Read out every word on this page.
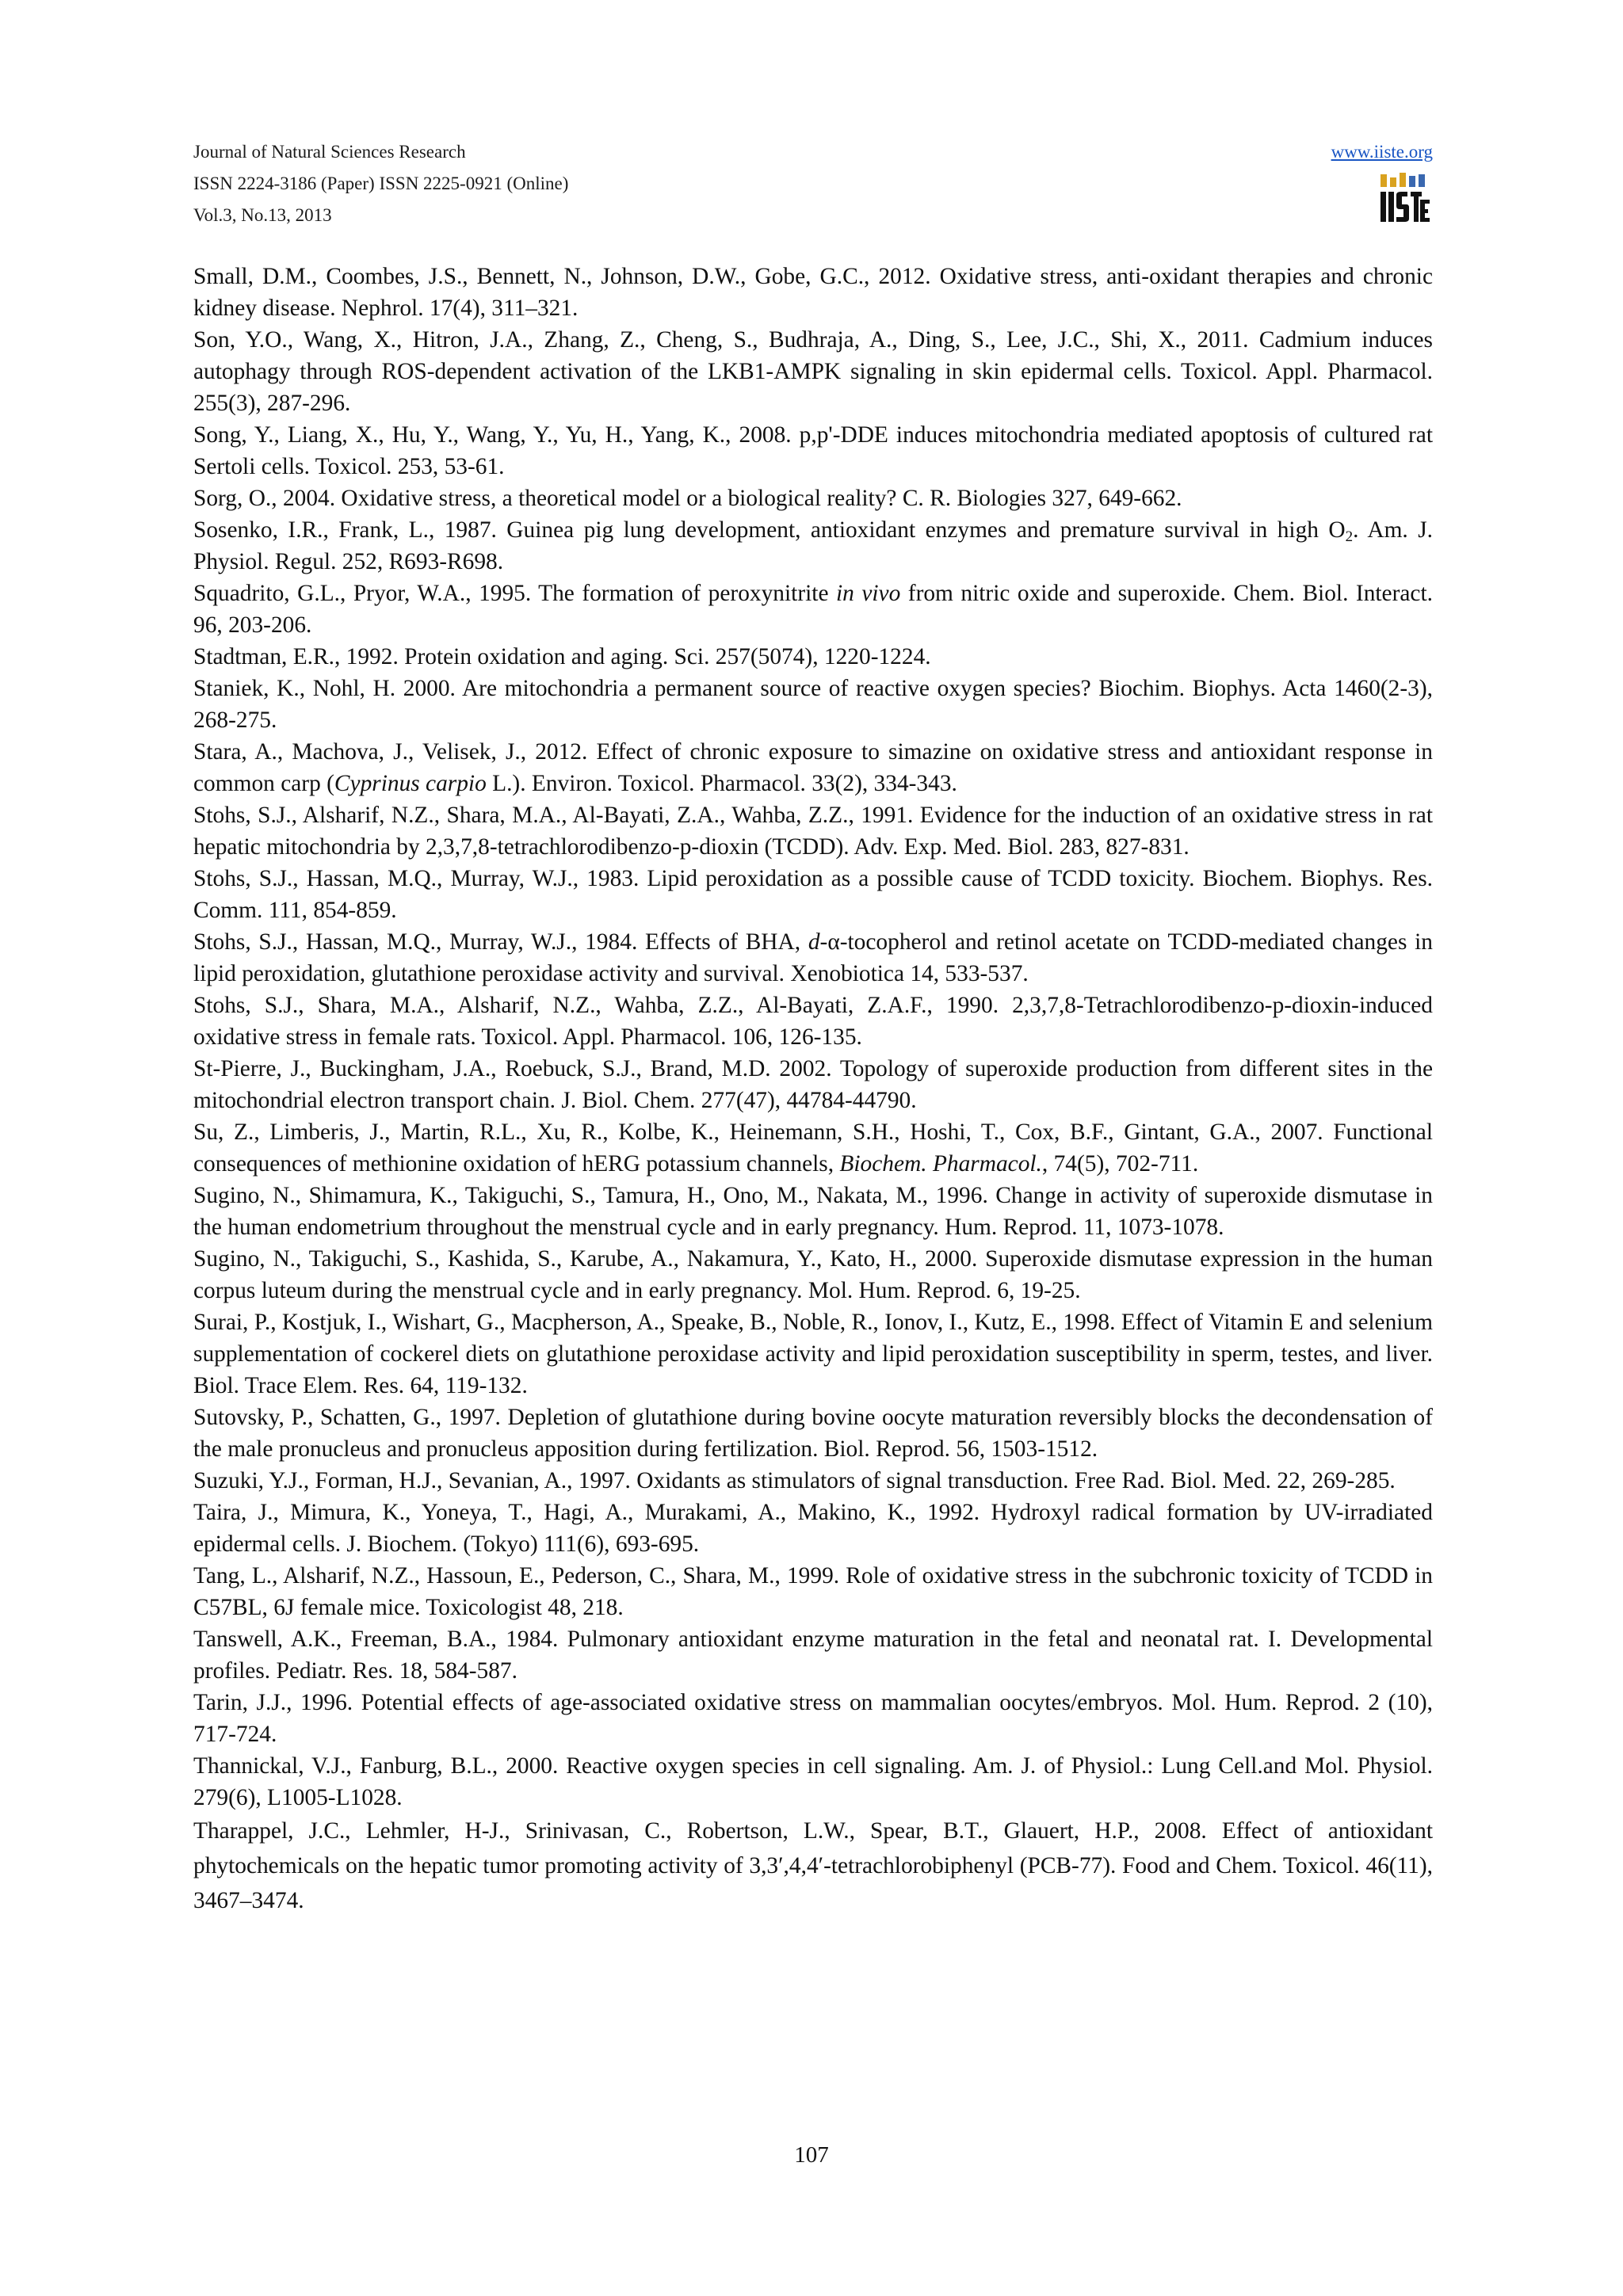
Journal of Natural Sciences Research
ISSN 2224-3186 (Paper) ISSN 2225-0921 (Online)
Vol.3, No.13, 2013
www.iiste.org

Small, D.M., Coombes, J.S., Bennett, N., Johnson, D.W., Gobe, G.C., 2012. Oxidative stress, anti-oxidant therapies and chronic kidney disease. Nephrol. 17(4), 311–321.

Son, Y.O., Wang, X., Hitron, J.A., Zhang, Z., Cheng, S., Budhraja, A., Ding, S., Lee, J.C., Shi, X., 2011. Cadmium induces autophagy through ROS-dependent activation of the LKB1-AMPK signaling in skin epidermal cells. Toxicol. Appl. Pharmacol. 255(3), 287-296.

Song, Y., Liang, X., Hu, Y., Wang, Y., Yu, H., Yang, K., 2008. p,p'-DDE induces mitochondria mediated apoptosis of cultured rat Sertoli cells. Toxicol. 253, 53-61.

Sorg, O., 2004. Oxidative stress, a theoretical model or a biological reality? C. R. Biologies 327, 649-662.

Sosenko, I.R., Frank, L., 1987. Guinea pig lung development, antioxidant enzymes and premature survival in high $O_2$. Am. J. Physiol. Regul. 252, R693-R698.

Squadrito, G.L., Pryor, W.A., 1995. The formation of peroxynitrite in vivo from nitric oxide and superoxide. Chem. Biol. Interact. 96, 203-206.

Stadtman, E.R., 1992. Protein oxidation and aging. Sci. 257(5074), 1220-1224.

Staniek, K., Nohl, H. 2000. Are mitochondria a permanent source of reactive oxygen species? Biochim. Biophys. Acta 1460(2-3), 268-275.

Stara, A., Machova, J., Velisek, J., 2012. Effect of chronic exposure to simazine on oxidative stress and antioxidant response in common carp (Cyprinus carpio L.). Environ. Toxicol. Pharmacol. 33(2), 334-343.

Stohs, S.J., Alsharif, N.Z., Shara, M.A., Al-Bayati, Z.A., Wahba, Z.Z., 1991. Evidence for the induction of an oxidative stress in rat hepatic mitochondria by 2,3,7,8-tetrachlorodibenzo-p-dioxin (TCDD). Adv. Exp. Med. Biol. 283, 827-831.

Stohs, S.J., Hassan, M.Q., Murray, W.J., 1983. Lipid peroxidation as a possible cause of TCDD toxicity. Biochem. Biophys. Res. Comm. 111, 854-859.

Stohs, S.J., Hassan, M.Q., Murray, W.J., 1984. Effects of BHA, d-α-tocopherol and retinol acetate on TCDD-mediated changes in lipid peroxidation, glutathione peroxidase activity and survival. Xenobiotica 14, 533-537.

Stohs, S.J., Shara, M.A., Alsharif, N.Z., Wahba, Z.Z., Al-Bayati, Z.A.F., 1990. 2,3,7,8-Tetrachlorodibenzo-p-dioxin-induced oxidative stress in female rats. Toxicol. Appl. Pharmacol. 106, 126-135.

St-Pierre, J., Buckingham, J.A., Roebuck, S.J., Brand, M.D. 2002. Topology of superoxide production from different sites in the mitochondrial electron transport chain. J. Biol. Chem. 277(47), 44784-44790.

Su, Z., Limberis, J., Martin, R.L., Xu, R., Kolbe, K., Heinemann, S.H., Hoshi, T., Cox, B.F., Gintant, G.A., 2007. Functional consequences of methionine oxidation of hERG potassium channels, Biochem. Pharmacol., 74(5), 702-711.

Sugino, N., Shimamura, K., Takiguchi, S., Tamura, H., Ono, M., Nakata, M., 1996. Change in activity of superoxide dismutase in the human endometrium throughout the menstrual cycle and in early pregnancy. Hum. Reprod. 11, 1073-1078.

Sugino, N., Takiguchi, S., Kashida, S., Karube, A., Nakamura, Y., Kato, H., 2000. Superoxide dismutase expression in the human corpus luteum during the menstrual cycle and in early pregnancy. Mol. Hum. Reprod. 6, 19-25.

Surai, P., Kostjuk, I., Wishart, G., Macpherson, A., Speake, B., Noble, R., Ionov, I., Kutz, E., 1998. Effect of Vitamin E and selenium supplementation of cockerel diets on glutathione peroxidase activity and lipid peroxidation susceptibility in sperm, testes, and liver. Biol. Trace Elem. Res. 64, 119-132.

Sutovsky, P., Schatten, G., 1997. Depletion of glutathione during bovine oocyte maturation reversibly blocks the decondensation of the male pronucleus and pronucleus apposition during fertilization. Biol. Reprod. 56, 1503-1512.

Suzuki, Y.J., Forman, H.J., Sevanian, A., 1997. Oxidants as stimulators of signal transduction. Free Rad. Biol. Med. 22, 269-285.

Taira, J., Mimura, K., Yoneya, T., Hagi, A., Murakami, A., Makino, K., 1992. Hydroxyl radical formation by UV-irradiated epidermal cells. J. Biochem. (Tokyo) 111(6), 693-695.

Tang, L., Alsharif, N.Z., Hassoun, E., Pederson, C., Shara, M., 1999. Role of oxidative stress in the subchronic toxicity of TCDD in C57BL, 6J female mice. Toxicologist 48, 218.

Tanswell, A.K., Freeman, B.A., 1984. Pulmonary antioxidant enzyme maturation in the fetal and neonatal rat. I. Developmental profiles. Pediatr. Res. 18, 584-587.

Tarin, J.J., 1996. Potential effects of age-associated oxidative stress on mammalian oocytes/embryos. Mol. Hum. Reprod. 2 (10), 717-724.

Thannickal, V.J., Fanburg, B.L., 2000. Reactive oxygen species in cell signaling. Am. J. of Physiol.: Lung Cell.and Mol. Physiol. 279(6), L1005-L1028.

Tharappel, J.C., Lehmler, H-J., Srinivasan, C., Robertson, L.W., Spear, B.T., Glauert, H.P., 2008. Effect of antioxidant phytochemicals on the hepatic tumor promoting activity of 3,3′,4,4′-tetrachlorobiphenyl (PCB-77). Food and Chem. Toxicol. 46(11), 3467–3474.

107
